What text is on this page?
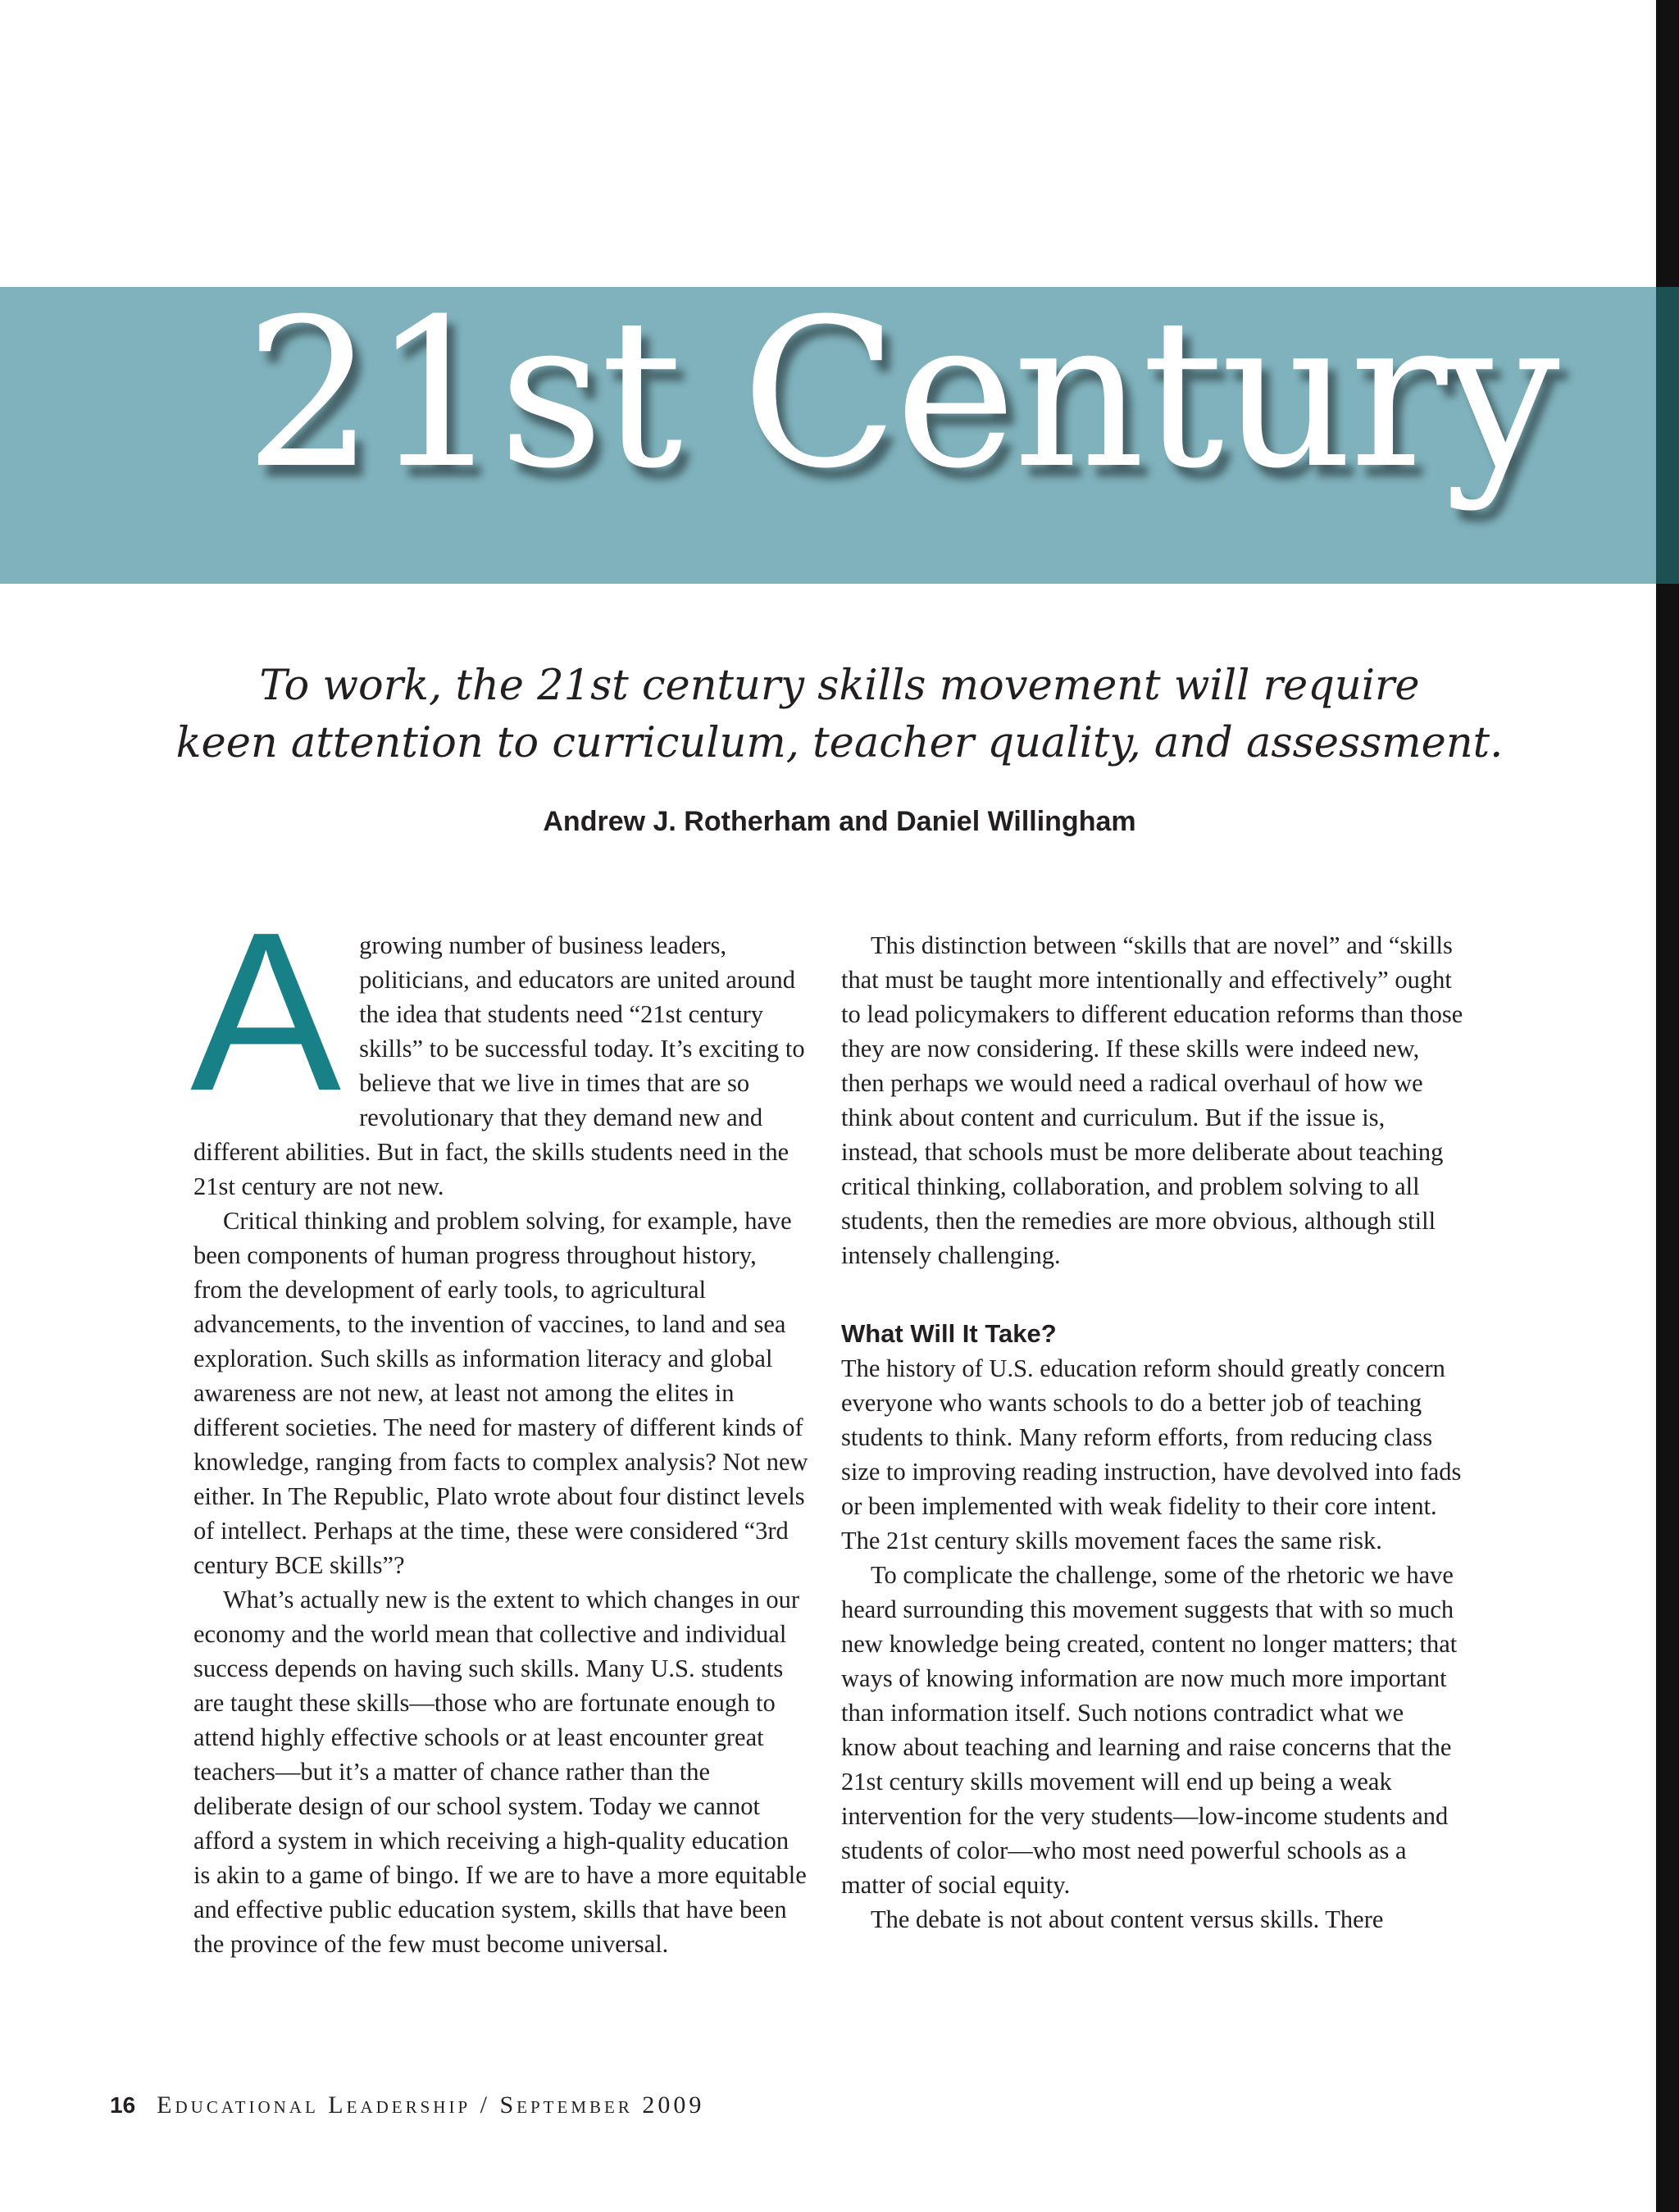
21st Century
To work, the 21st century skills movement will require
keen attention to curriculum, teacher quality, and assessment.
Andrew J. Rotherham and Daniel Willingham

Agrowing number of business leaders, politicians, and educators are united around the idea that students need “21st century skills” to be successful today. It’s exciting to believe that we live in times that are so revolutionary that they demand new and different abilities. But in fact, the skills students need in the 21st century are not new.

Critical thinking and problem solving, for example, have been components of human progress throughout history, from the development of early tools, to agricultural advancements, to the invention of vaccines, to land and sea exploration. Such skills as information literacy and global awareness are not new, at least not among the elites in different societies. The need for mastery of different kinds of knowledge, ranging from facts to complex analysis? Not new either. In The Republic, Plato wrote about four distinct levels of intellect. Perhaps at the time, these were considered “3rd century BCE skills”?

What’s actually new is the extent to which changes in our economy and the world mean that collective and individual success depends on having such skills. Many U.S. students are taught these skills—those who are fortunate enough to attend highly effective schools or at least encounter great teachers—but it’s a matter of chance rather than the deliberate design of our school system. Today we cannot afford a system in which receiving a high-quality education is akin to a game of bingo. If we are to have a more equitable and effective public education system, skills that have been the province of the few must become universal.

This distinction between “skills that are novel” and “skills that must be taught more intentionally and effectively” ought to lead policymakers to different education reforms than those they are now considering. If these skills were indeed new, then perhaps we would need a radical overhaul of how we think about content and curriculum. But if the issue is, instead, that schools must be more deliberate about teaching critical thinking, collaboration, and problem solving to all students, then the remedies are more obvious, although still intensely challenging.

What Will It Take?

The history of U.S. education reform should greatly concern everyone who wants schools to do a better job of teaching students to think. Many reform efforts, from reducing class size to improving reading instruction, have devolved into fads or been implemented with weak fidelity to their core intent. The 21st century skills movement faces the same risk.

To complicate the challenge, some of the rhetoric we have heard surrounding this movement suggests that with so much new knowledge being created, content no longer matters; that ways of knowing information are now much more important than information itself. Such notions contradict what we know about teaching and learning and raise concerns that the 21st century skills movement will end up being a weak intervention for the very students—low-income students and students of color—who most need powerful schools as a matter of social equity.

The debate is not about content versus skills. There

16 Educational Leadership / September 2009
